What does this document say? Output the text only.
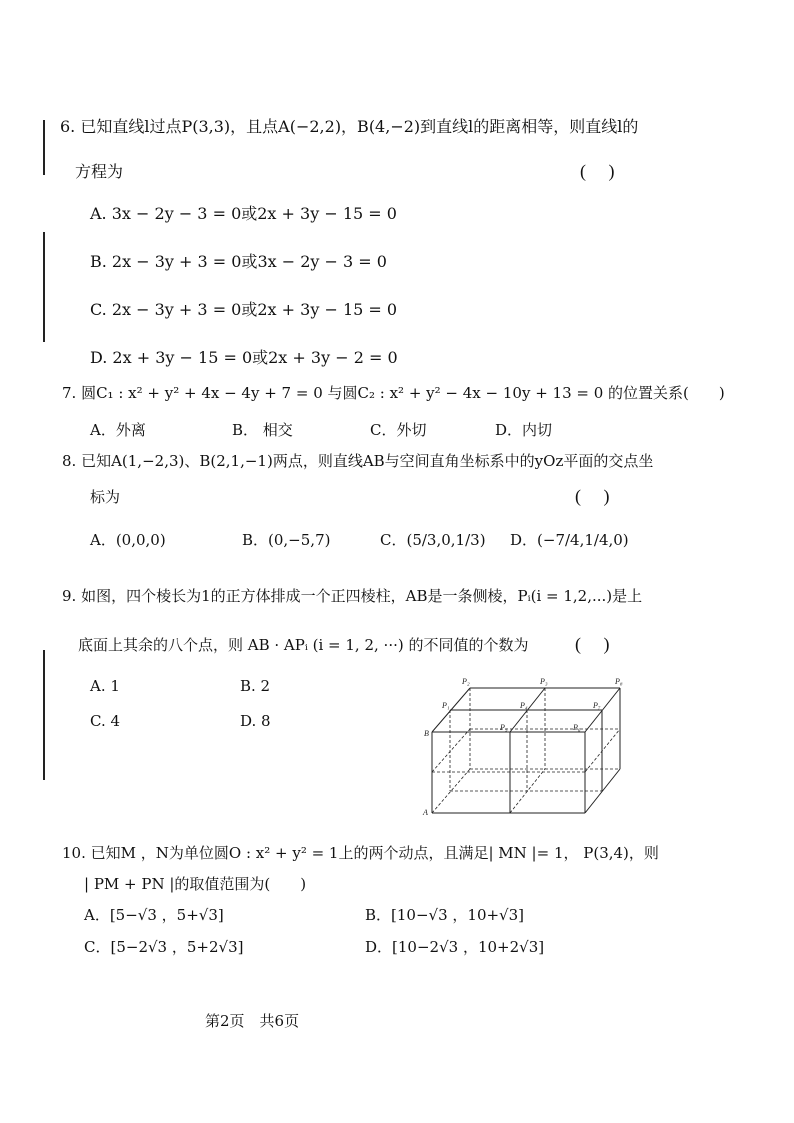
6. 已知直线l过点P(3,3)，且点A(−2,2)，B(4,−2)到直线l的距离相等，则直线l的
方程为	(　 )
A. 3x − 2y − 3 = 0或2x + 3y − 15 = 0
B. 2x − 3y + 3 = 0或3x − 2y − 3 = 0
C. 2x − 3y + 3 = 0或2x + 3y − 15 = 0
D. 2x + 3y − 15 = 0或2x + 3y − 2 = 0
7. 圆C₁ : x² + y² + 4x − 4y + 7 = 0 与圆C₂ : x² + y² − 4x − 10y + 13 = 0 的位置关系(　　)
A．外离	B． 相交	C．外切	D．内切
8. 已知A(1,−2,3)、B(2,1,−1)两点，则直线AB与空间直角坐标系中的yOz平面的交点坐
标为	(　 )
A．(0,0,0)	B．(0,−5,7)	C．(5/3,0,1/3) D．(−7/4,1/4,0)
9. 如图，四个棱长为1的正方体排成一个正四棱柱，AB是一条侧棱，Pᵢ(i = 1,2,...)是上
底面上其余的八个点，则 AB · APᵢ (i = 1, 2, ···) 的不同值的个数为	(　 )
A. 1	B. 2
C. 4	D. 8
P₂	P₃	P₈
P₁	P₄	P₇
P₅	P₆
B
A
10. 已知M ，N为单位圆O : x² + y² = 1上的两个动点，且满足| MN |= 1， P(3,4)，则
| PM + PN |的取值范围为(　　)
A．[5−√3 ，5+√3]	B．[10−√3 ，10+√3]
C．[5−2√3 ，5+2√3]	D．[10−2√3 ，10+2√3]
第2页　共6页
